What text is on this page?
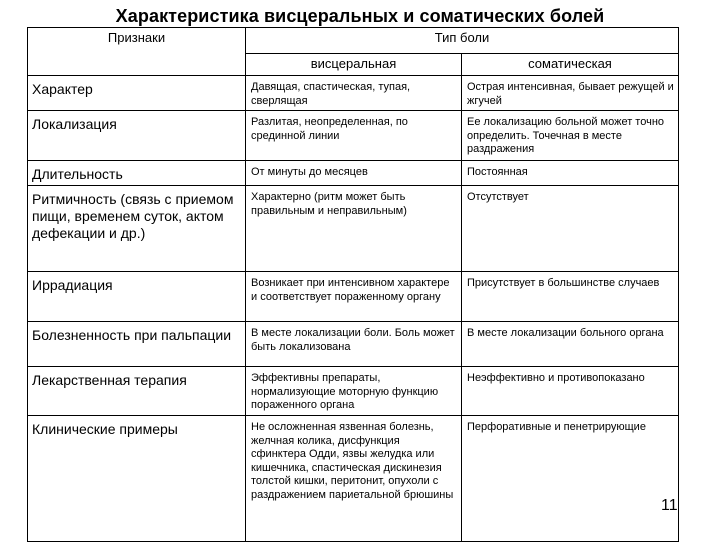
Характеристика висцеральных и соматических болей
Признаки	Тип боли	
	висцеральная	соматическая
Характер	Давящая, спастическая, тупая, сверлящая	Острая интенсивная, бывает режущей и жгучей
Локализация	Разлитая, неопределенная, по срединной линии	Ее локализацию больной может точно определить. Точечная в месте раздражения
Длительность	От минуты до месяцев	Постоянная
Ритмичность (связь с приемом пищи, временем суток, актом дефекации и др.)	Характерно (ритм может быть правильным и неправильным)	Отсутствует
Иррадиация	Возникает при интенсивном характере и соответствует пораженному органу	Присутствует в большинстве случаев
Болезненность при пальпации	В месте локализации боли. Боль может быть локализована	В месте локализации больного органа
Лекарственная терапия	Эффективны препараты, нормализующие моторную функцию пораженного органа	Неэффективно и противопоказано
Клинические примеры	Не осложненная язвенная болезнь, желчная колика, дисфункция сфинктера Одди, язвы желудка или кишечника, спастическая дискинезия толстой кишки, перитонит, опухоли с раздражением париетальной брюшины	Перфоративные и пенетрирующие
11
